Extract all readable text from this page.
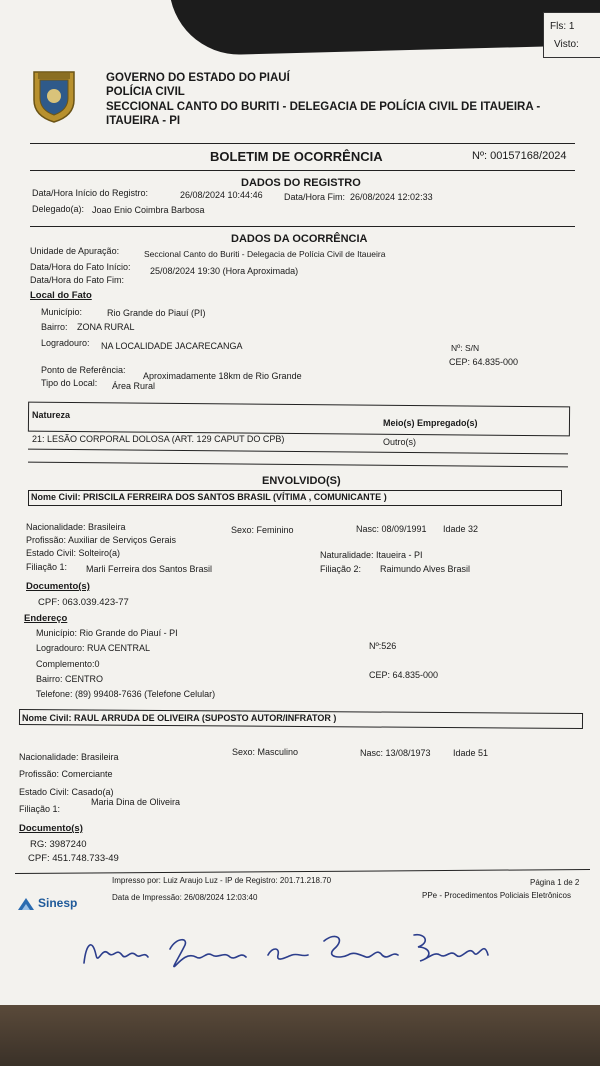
Fls: 1
Visto:
GOVERNO DO ESTADO DO PIAUÍ
POLÍCIA CIVIL
SECCIONAL CANTO DO BURITI - DELEGACIA DE POLÍCIA CIVIL DE ITAUEIRA -
ITAUEIRA - PI
BOLETIM DE OCORRÊNCIA	Nº: 00157168/2024
DADOS DO REGISTRO
Data/Hora Início do Registro:	26/08/2024 10:44:46 Data/Hora Fim: 26/08/2024 12:02:33
Delegado(a): Joao Enio Coimbra Barbosa
DADOS DA OCORRÊNCIA
Unidade de Apuração:	Seccional Canto do Buriti - Delegacia de Polícia Civil de Itaueira
Data/Hora do Fato Início: 25/08/2024 19:30 (Hora Aproximada)
Data/Hora do Fato Fim:
Local do Fato
Município:	Rio Grande do Piauí (PI)
Bairro: ZONA RURAL
Logradouro: NA LOCALIDADE JACARECANGA	Nº: S/N
CEP: 64.835-000
Ponto de Referência:
Aproximadamente 18km de Rio Grande
Tipo do Local: Área Rural
Natureza
Meio(s) Empregado(s)
21: LESÃO CORPORAL DOLOSA (ART. 129 CAPUT DO CPB)	Outro(s)
ENVOLVIDO(S)
Nome Civil: PRISCILA FERREIRA DOS SANTOS BRASIL (VÍTIMA , COMUNICANTE )
Nacionalidade: Brasileira	Sexo: Feminino	Nasc: 08/09/1991 Idade 32
Profissão: Auxiliar de Serviços Gerais
Estado Civil: Solteiro(a)	Naturalidade: Itaueira - PI
Filiação 1: Marli Ferreira dos Santos Brasil	Filiação 2: Raimundo Alves Brasil
Documento(s)
CPF: 063.039.423-77
Endereço
Município: Rio Grande do Piauí - PI
Logradouro: RUA CENTRAL	Nº:526
Complemento:0
Bairro: CENTRO	CEP: 64.835-000
Telefone: (89) 99408-7636 (Telefone Celular)
Nome Civil: RAUL ARRUDA DE OLIVEIRA (SUPOSTO AUTOR/INFRATOR )
Nacionalidade: Brasileira	Sexo: Masculino	Nasc: 13/08/1973 Idade 51
Profissão: Comerciante
Estado Civil: Casado(a)
Filiação 1:
Maria Dina de Oliveira
Documento(s)
RG: 3987240
CPF: 451.748.733-49
Sinesp
Impresso por: Luiz Araujo Luz - IP de Registro: 201.71.218.70
Data de Impressão: 26/08/2024 12:03:40
Página 1 de 2
PPe - Procedimentos Policiais Eletrônicos
